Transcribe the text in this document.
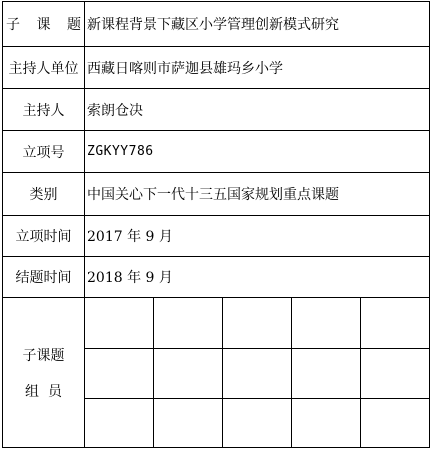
子 课 题 新课程背景下藏区小学管理创新模式研究
主持人单位 西藏日喀则市萨迦县雄玛乡小学
主持人	索朗仓决
立项号	ZGKYY786
类别	中国关心下一代十三五国家规划重点课题
立项时间	2017 年 9 月
结题时间	2018 年 9 月
子课题
组  员
